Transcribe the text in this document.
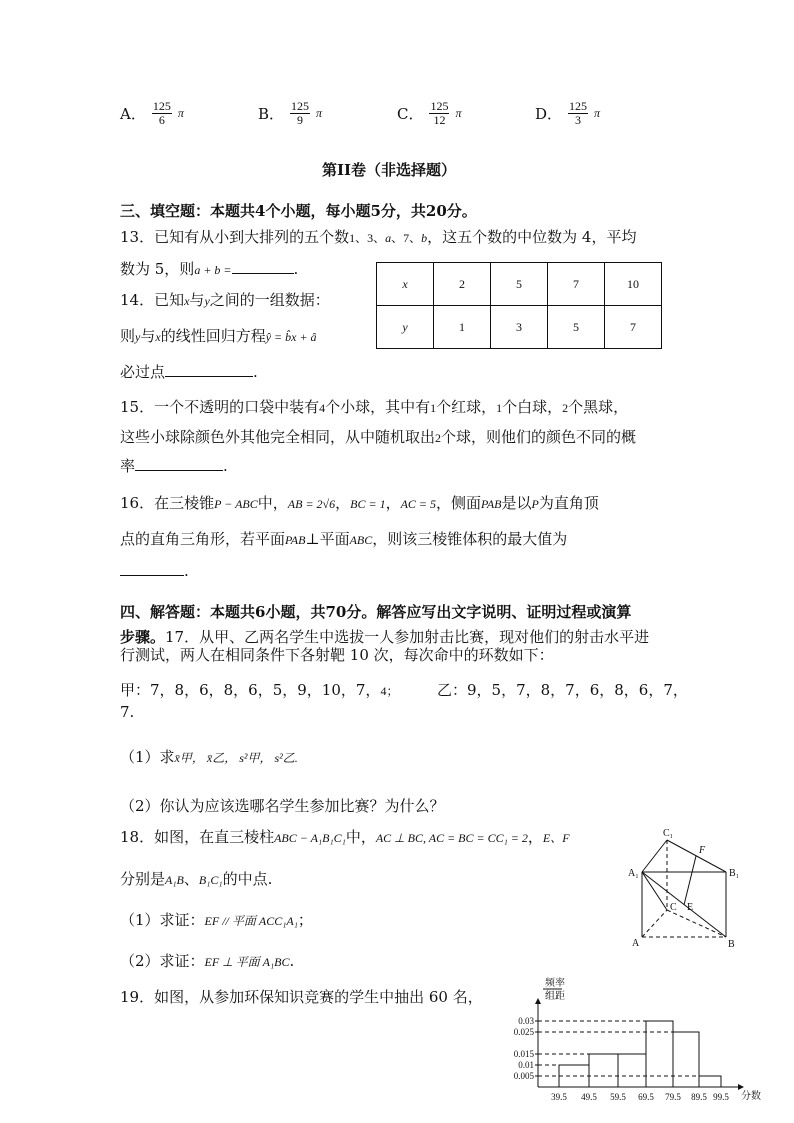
A． $\frac{125}{6}$ π	B． $\frac{125}{9}$ π	C． $\frac{125}{12}$ π	D． $\frac{125}{3}$ π
第II卷（非选择题）
三、填空题：本题共4个小题，每小题5分，共20分。
13．已知有从小到大排列的五个数1、3、a、7、b，这五个数的中位数为 4，平均
数为 5，则a + b =	.
14．已知x与y之间的一组数据：
则y与x的线性回归方程ŷ = b̂x + â
必过点	.
x	2	5	7	10
y	1	3	5	7
15．一个不透明的口袋中装有4个小球，其中有1个红球，1个白球，2个黑球，
这些小球除颜色外其他完全相同，从中随机取出2个球，则他们的颜色不同的概
率	.
16．在三棱锥P − ABC中，AB = 2√6，BC = 1，AC = 5，侧面PAB是以P为直角顶
点的直角三角形，若平面PAB⊥平面ABC，则该三棱锥体积的最大值为
.
四、解答题：本题共6小题，共70分。解答应写出文字说明、证明过程或演算
步骤。17．从甲、乙两名学生中选拔一人参加射击比赛，现对他们的射击水平进
行测试，两人在相同条件下各射靶 10 次，每次命中的环数如下：
甲：7，8，6，8，6，5，9，10，7，4；	乙：9，5，7，8，7，6，8，6，7，
7.
（1）求x̄甲， x̄乙， s²甲， s²乙.
（2）你认为应该选哪名学生参加比赛？为什么？
18．如图，在直三棱柱ABC − A₁B₁C₁中，AC ⊥ BC, AC = BC = CC₁ = 2，E、F
分别是A₁B、B₁C₁的中点.
（1）求证：EF // 平面 ACC₁A₁；
（2）求证：EF ⊥ 平面 A₁BC.
C₁
F
A₁	B₁
C E
A	B
19．如图，从参加环保知识竞赛的学生中抽出 60 名，
频率
组距
分数
0.005
0.01
0.015
0.025
0.03
39.5 49.5 59.5 69.5 79.5 89.5 99.5
